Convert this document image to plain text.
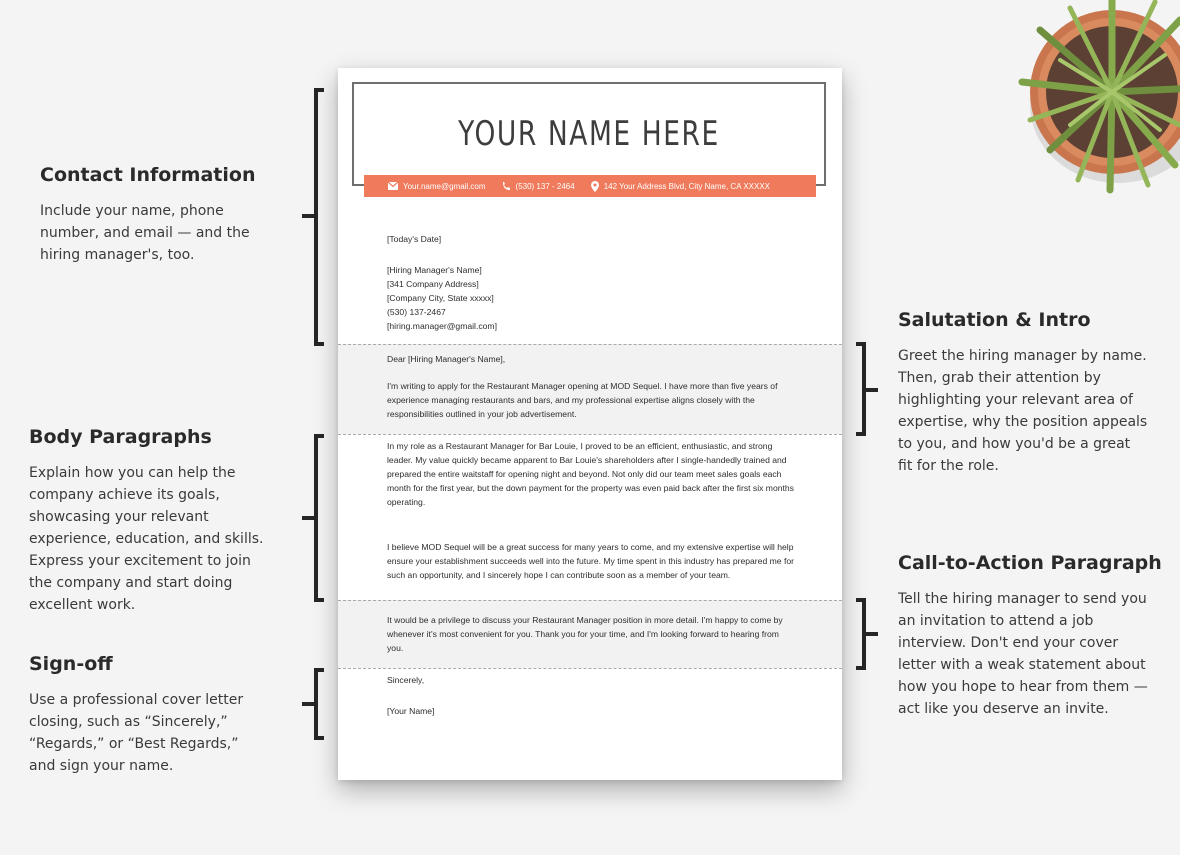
Contact Information
Include your name, phone number, and email — and the hiring manager's, too.
Body Paragraphs
Explain how you can help the company achieve its goals, showcasing your relevant experience, education, and skills. Express your excitement to join the company and start doing excellent work.
Sign-off
Use a professional cover letter closing, such as “Sincerely,” “Regards,” or “Best Regards,” and sign your name.
Salutation & Intro
Greet the hiring manager by name. Then, grab their attention by highlighting your relevant area of expertise, why the position appeals to you, and how you'd be a great fit for the role.
Call-to-Action Paragraph
Tell the hiring manager to send you an invitation to attend a job interview. Don't end your cover letter with a weak statement about how you hope to hear from them — act like you deserve an invite.
YOUR NAME HERE
Your.name@gmail.com	(530) 137 - 2464	142 Your Address Blvd, City Name, CA XXXXX
[Today's Date]

[Hiring Manager's Name]

[341 Company Address]

[Company City, State xxxxx]

(530) 137-2467

[hiring.manager@gmail.com]

Dear [Hiring Manager's Name],
I'm writing to apply for the Restaurant Manager opening at MOD Sequel. I have more than five years of experience managing restaurants and bars, and my professional expertise aligns closely with the responsibilities outlined in your job advertisement.
In my role as a Restaurant Manager for Bar Louie, I proved to be an efficient, enthusiastic, and strong leader. My value quickly became apparent to Bar Louie's shareholders after I single-handedly trained and prepared the entire waitstaff for opening night and beyond. Not only did our team meet sales goals each month for the first year, but the down payment for the property was even paid back after the first six months operating.
I believe MOD Sequel will be a great success for many years to come, and my extensive expertise will help ensure your establishment succeeds well into the future. My time spent in this industry has prepared me for such an opportunity, and I sincerely hope I can contribute soon as a member of your team.
It would be a privilege to discuss your Restaurant Manager position in more detail. I'm happy to come by whenever it's most convenient for you. Thank you for your time, and I'm looking forward to hearing from you.
Sincerely,
[Your Name]
